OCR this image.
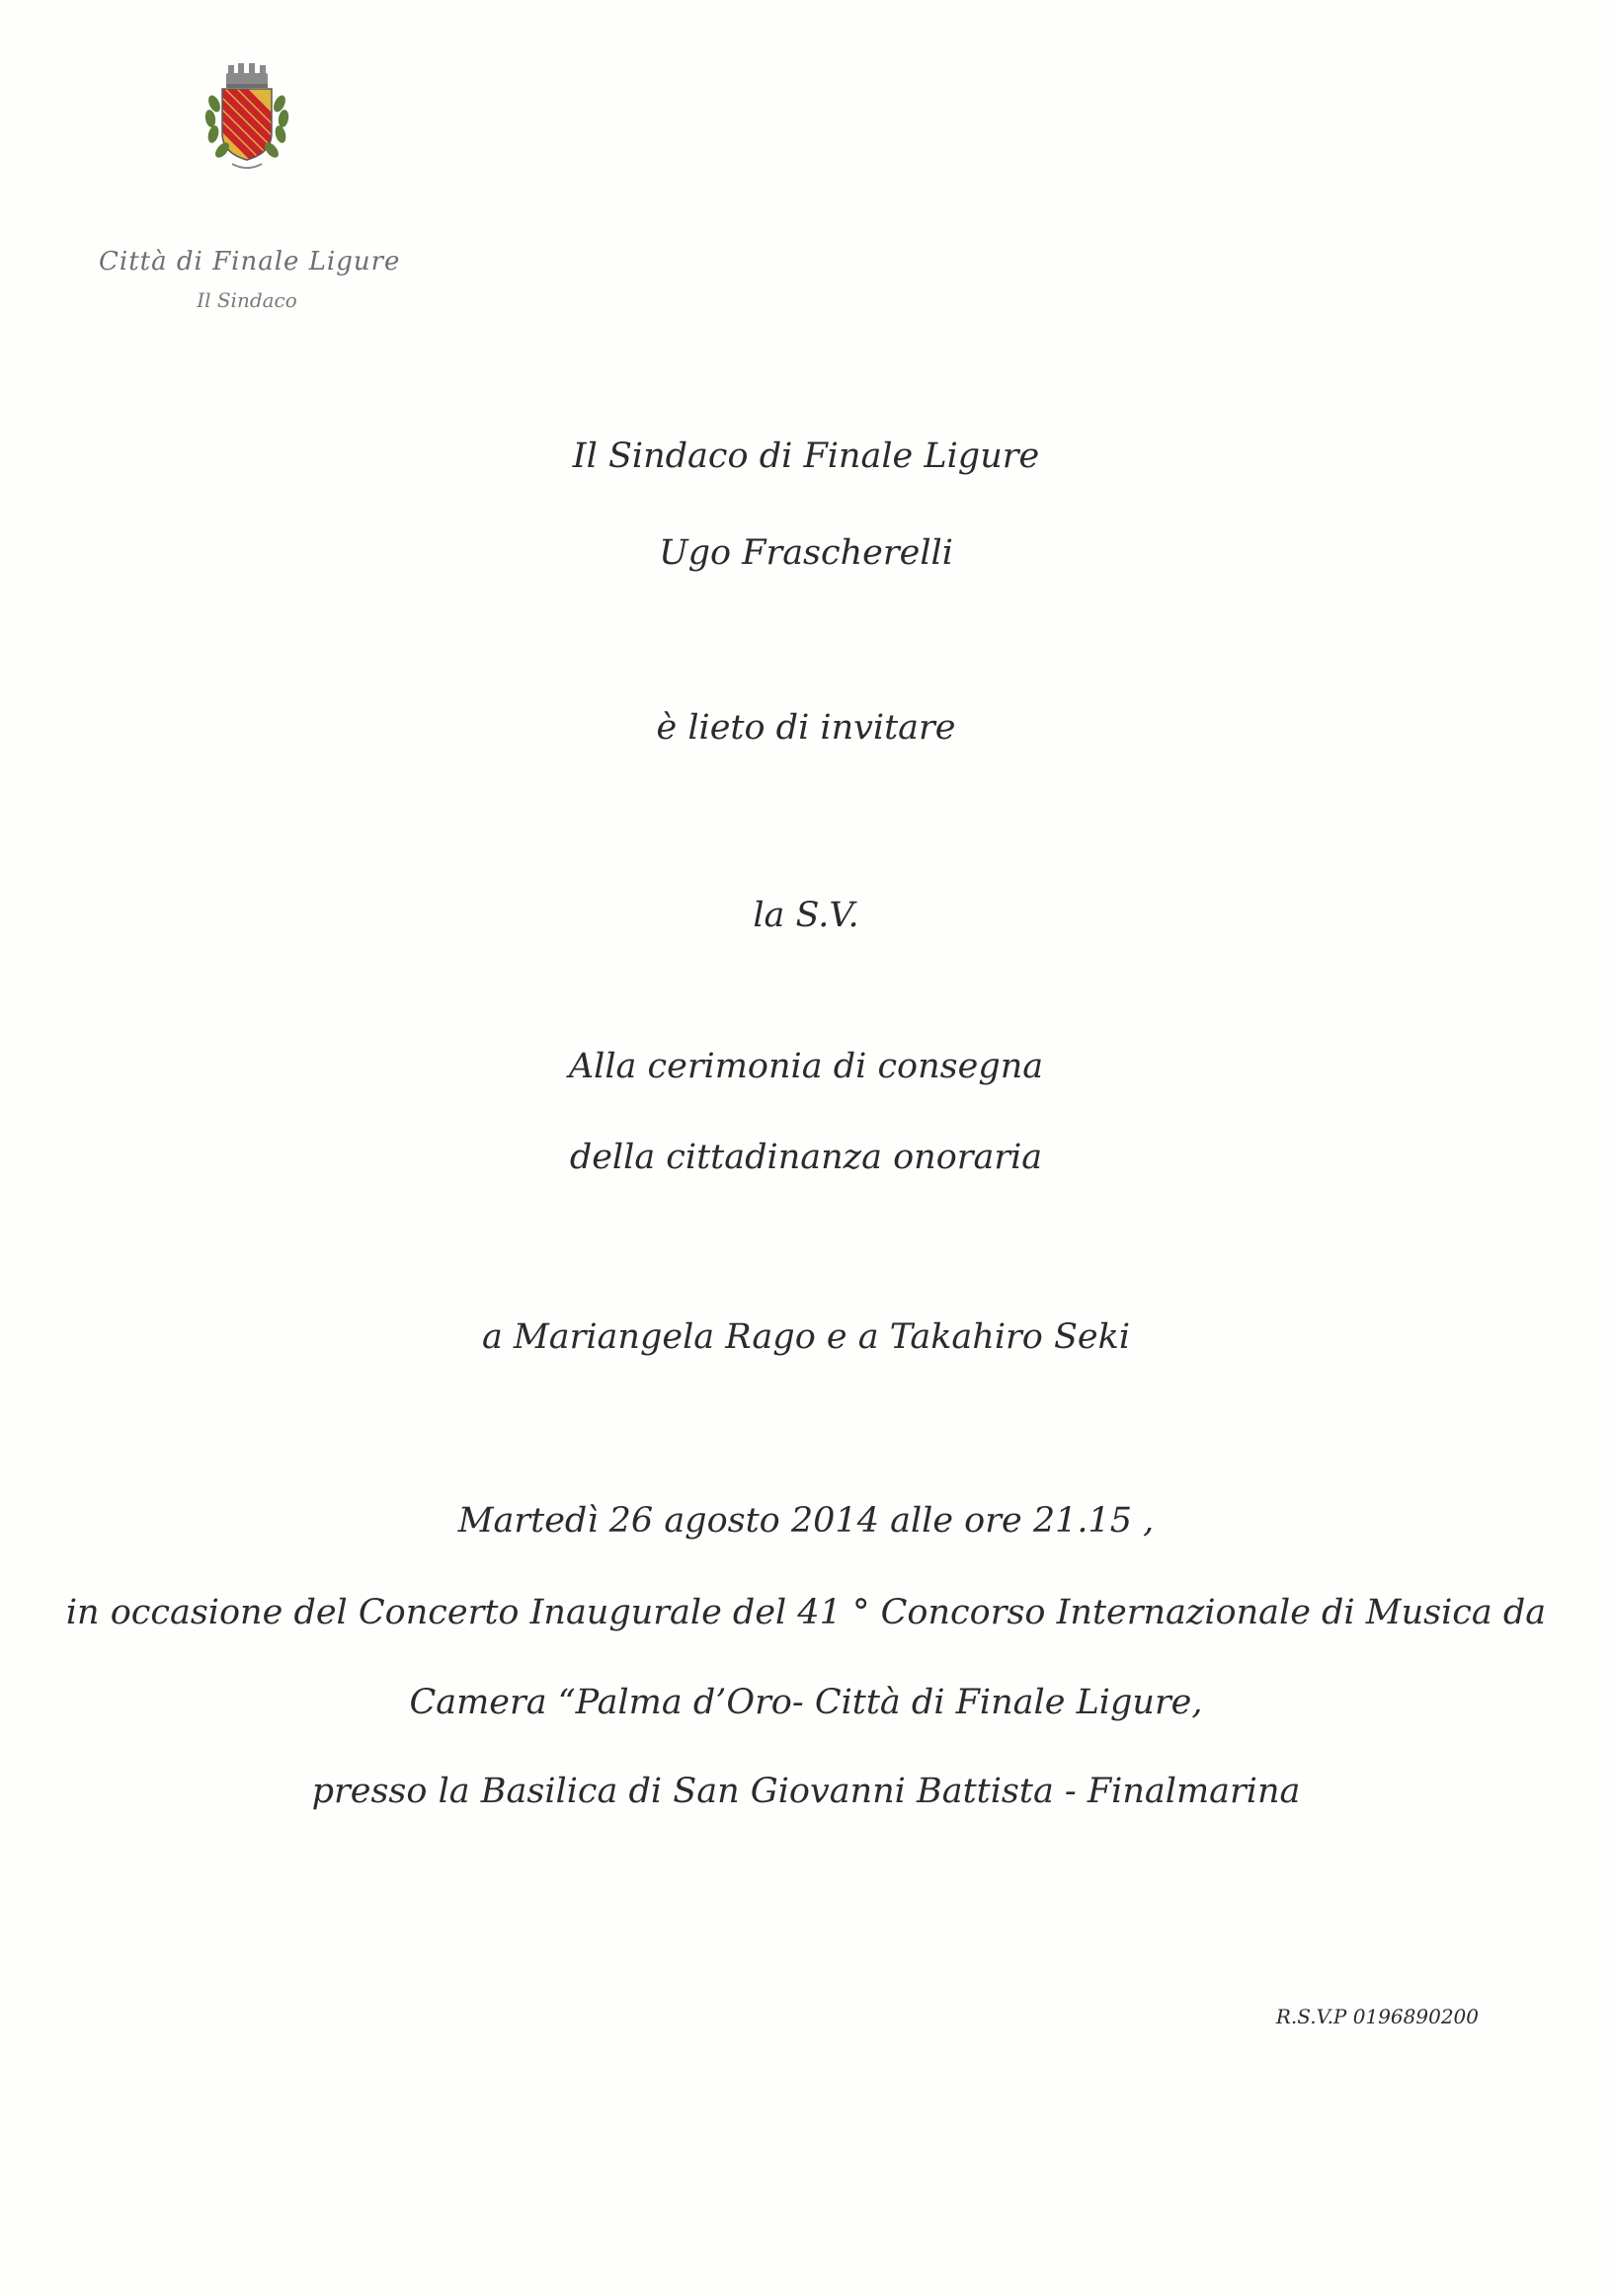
Città di Finale Ligure
Il Sindaco
Il Sindaco di Finale Ligure
Ugo Frascherelli
è lieto di invitare
la S.V.
Alla cerimonia di consegna
della cittadinanza onoraria
a Mariangela Rago e a Takahiro Seki
Martedì 26 agosto 2014 alle ore 21.15 ,
in occasione del Concerto Inaugurale del 41 ° Concorso Internazionale di Musica da
Camera “Palma d’Oro- Città di Finale Ligure,
presso la Basilica di San Giovanni Battista - Finalmarina
R.S.V.P 0196890200
